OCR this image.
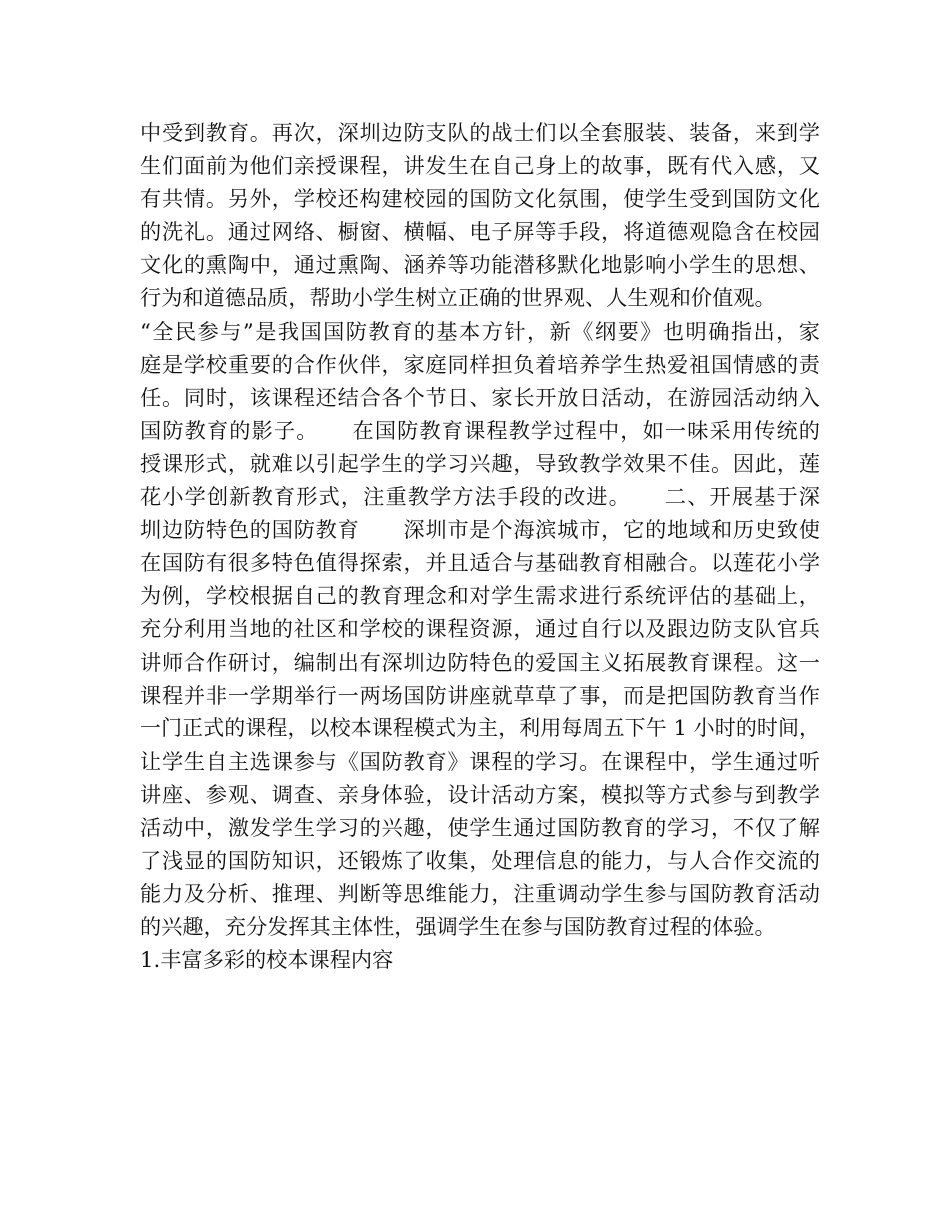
中受到教育。再次，深圳边防支队的战士们以全套服装、装备，来到学
生们面前为他们亲授课程，讲发生在自己身上的故事，既有代入感，又
有共情。另外，学校还构建校园的国防文化氛围，使学生受到国防文化
的洗礼。通过网络、橱窗、横幅、电子屏等手段，将道德观隐含在校园
文化的熏陶中，通过熏陶、涵养等功能潜移默化地影响小学生的思想、
行为和道德品质，帮助小学生树立正确的世界观、人生观和价值观。
“全民参与”是我国国防教育的基本方针，新《纲要》也明确指出，家
庭是学校重要的合作伙伴，家庭同样担负着培养学生热爱祖国情感的责
任。同时，该课程还结合各个节日、家长开放日活动，在游园活动纳入
国防教育的影子。　　在国防教育课程教学过程中，如一味采用传统的
授课形式，就难以引起学生的学习兴趣，导致教学效果不佳。因此，莲
花小学创新教育形式，注重教学方法手段的改进。　　二、开展基于深
圳边防特色的国防教育　　深圳市是个海滨城市，它的地域和历史致使
在国防有很多特色值得探索，并且适合与基础教育相融合。以莲花小学
为例，学校根据自己的教育理念和对学生需求进行系统评估的基础上，
充分利用当地的社区和学校的课程资源，通过自行以及跟边防支队官兵
讲师合作研讨，编制出有深圳边防特色的爱国主义拓展教育课程。这一
课程并非一学期举行一两场国防讲座就草草了事，而是把国防教育当作
一门正式的课程，以校本课程模式为主，利用每周五下午 1 小时的时间，
让学生自主选课参与《国防教育》课程的学习。在课程中，学生通过听
讲座、参观、调查、亲身体验，设计活动方案，模拟等方式参与到教学
活动中，激发学生学习的兴趣，使学生通过国防教育的学习，不仅了解
了浅显的国防知识，还锻炼了收集，处理信息的能力，与人合作交流的
能力及分析、推理、判断等思维能力，注重调动学生参与国防教育活动
的兴趣，充分发挥其主体性，强调学生在参与国防教育过程的体验。
1.丰富多彩的校本课程内容
